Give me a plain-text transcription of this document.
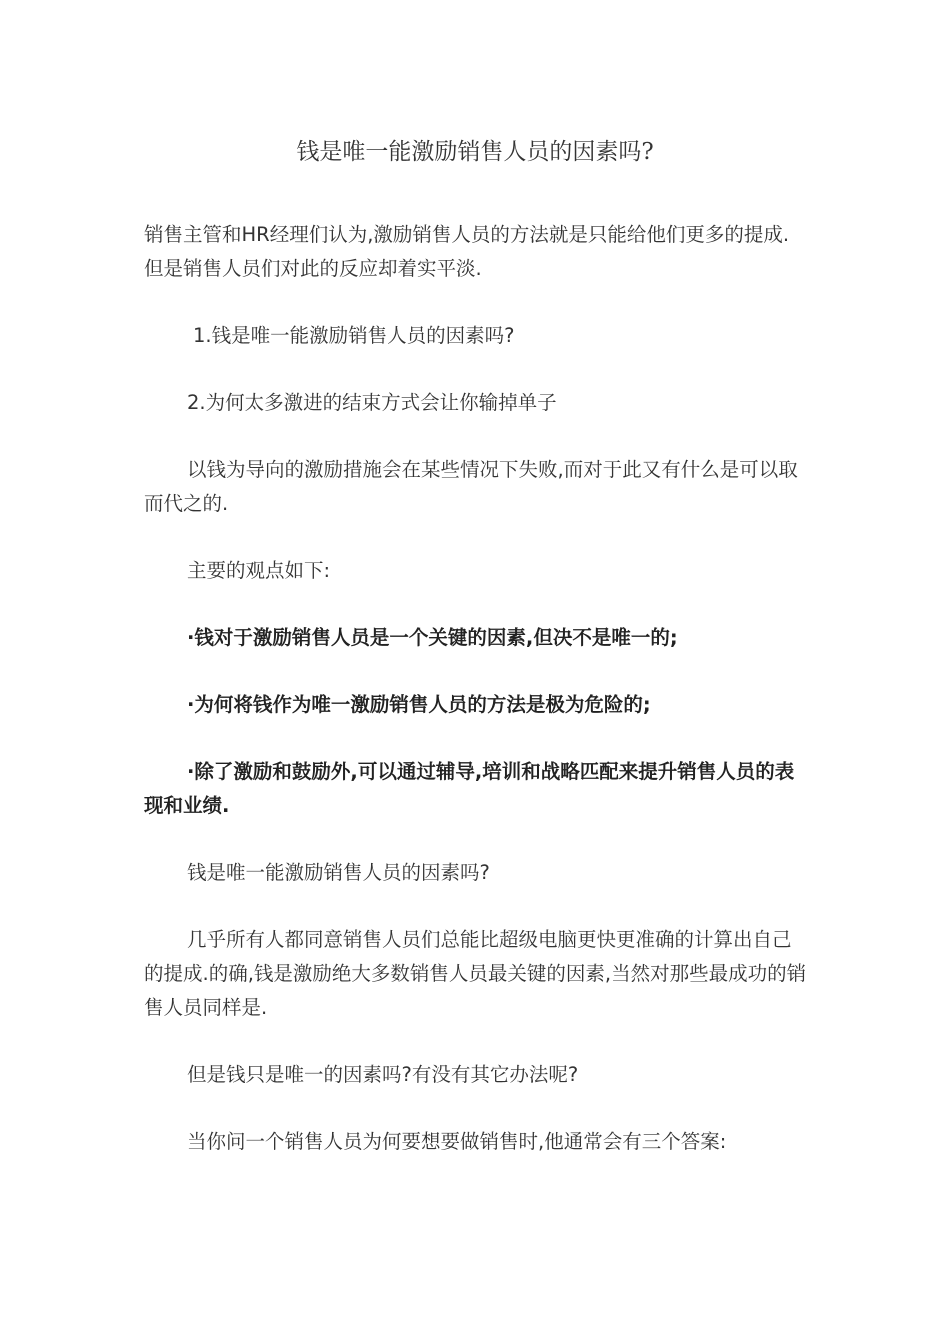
钱是唯一能激励销售人员的因素吗?

销售主管和HR经理们认为,激励销售人员的方法就是只能给他们更多的提成.但是销售人员们对此的反应却着实平淡.

1.钱是唯一能激励销售人员的因素吗?

2.为何太多激进的结束方式会让你输掉单子

以钱为导向的激励措施会在某些情况下失败,而对于此又有什么是可以取而代之的.

主要的观点如下:

·钱对于激励销售人员是一个关键的因素,但决不是唯一的;

·为何将钱作为唯一激励销售人员的方法是极为危险的;

·除了激励和鼓励外,可以通过辅导,培训和战略匹配来提升销售人员的表现和业绩.

钱是唯一能激励销售人员的因素吗?

几乎所有人都同意销售人员们总能比超级电脑更快更准确的计算出自己的提成.的确,钱是激励绝大多数销售人员最关键的因素,当然对那些最成功的销售人员同样是.

但是钱只是唯一的因素吗?有没有其它办法呢?

当你问一个销售人员为何要想要做销售时,他通常会有三个答案:
